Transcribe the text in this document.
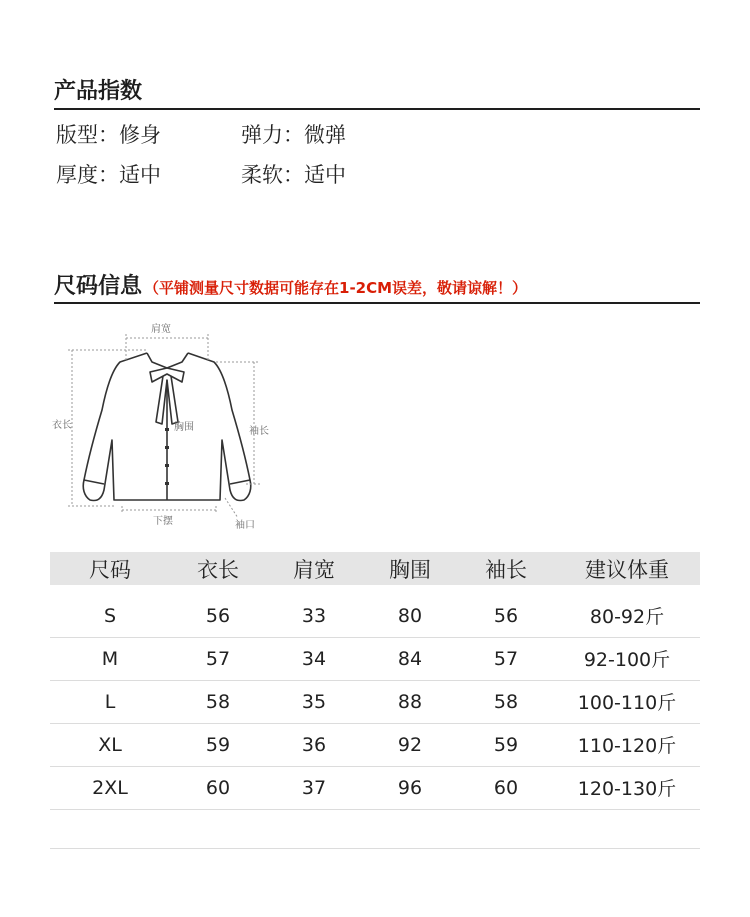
产品指数
版型：修身	弹力：微弹
厚度：适中	柔软：适中
尺码信息 （平铺测量尺寸数据可能存在1-2CM误差，敬请谅解！）
肩宽
衣长	胸围	袖长
下摆	袖口
尺码	衣长	肩宽	胸围	袖长	建议体重
S	56	33	80	56	80-92斤
M	57	34	84	57	92-100斤
L	58	35	88	58	100-110斤
XL	59	36	92	59	110-120斤
2XL	60	37	96	60	120-130斤
